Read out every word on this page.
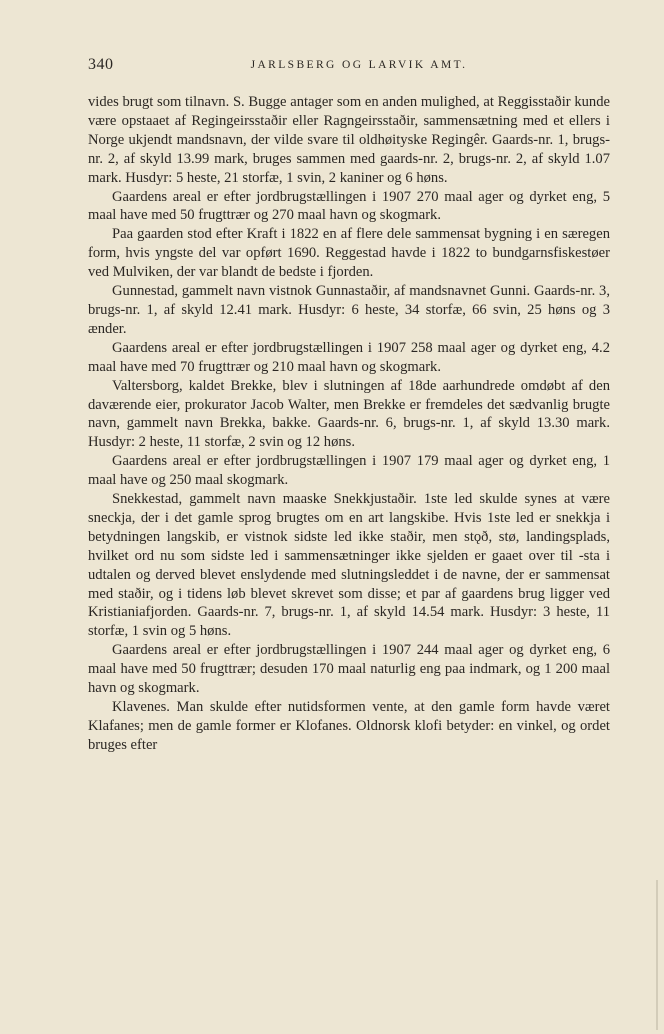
340	JARLSBERG OG LARVIK AMT.

vides brugt som tilnavn. S. Bugge antager som en anden mulighed, at Reggisstaðir kunde være opstaaet af Regingeirsstaðir eller Ragngeirsstaðir, sammensætning med et ellers i Norge ukjendt mandsnavn, der vilde svare til oldhøityske Regingêr. Gaards-nr. 1, brugs-nr. 2, af skyld 13.99 mark, bruges sammen med gaards-nr. 2, brugs-nr. 2, af skyld 1.07 mark. Husdyr: 5 heste, 21 storfæ, 1 svin, 2 kaniner og 6 høns.

Gaardens areal er efter jordbrugstællingen i 1907 270 maal ager og dyrket eng, 5 maal have med 50 frugttrær og 270 maal havn og skogmark.

Paa gaarden stod efter Kraft i 1822 en af flere dele sammensat bygning i en særegen form, hvis yngste del var opført 1690. Reggestad havde i 1822 to bundgarnsfiskestøer ved Mulviken, der var blandt de bedste i fjorden.

Gunnestad, gammelt navn vistnok Gunnastaðir, af mandsnavnet Gunni. Gaards-nr. 3, brugs-nr. 1, af skyld 12.41 mark. Husdyr: 6 heste, 34 storfæ, 66 svin, 25 høns og 3 ænder.

Gaardens areal er efter jordbrugstællingen i 1907 258 maal ager og dyrket eng, 4.2 maal have med 70 frugttrær og 210 maal havn og skogmark.

Valtersborg, kaldet Brekke, blev i slutningen af 18de aarhundrede omdøbt af den daværende eier, prokurator Jacob Walter, men Brekke er fremdeles det sædvanlig brugte navn, gammelt navn Brekka, bakke. Gaards-nr. 6, brugs-nr. 1, af skyld 13.30 mark. Husdyr: 2 heste, 11 storfæ, 2 svin og 12 høns.

Gaardens areal er efter jordbrugstællingen i 1907 179 maal ager og dyrket eng, 1 maal have og 250 maal skogmark.

Snekkestad, gammelt navn maaske Snekkjustaðir. 1ste led skulde synes at være sneckja, der i det gamle sprog brugtes om en art langskibe. Hvis 1ste led er snekkja i betydningen langskib, er vistnok sidste led ikke staðir, men stǫð, stø, landingsplads, hvilket ord nu som sidste led i sammensætninger ikke sjelden er gaaet over til -sta i udtalen og derved blevet enslydende med slutningsleddet i de navne, der er sammensat med staðir, og i tidens løb blevet skrevet som disse; et par af gaardens brug ligger ved Kristianiafjorden. Gaards-nr. 7, brugs-nr. 1, af skyld 14.54 mark. Husdyr: 3 heste, 11 storfæ, 1 svin og 5 høns.

Gaardens areal er efter jordbrugstællingen i 1907 244 maal ager og dyrket eng, 6 maal have med 50 frugttrær; desuden 170 maal naturlig eng paa indmark, og 1 200 maal havn og skogmark.

Klavenes. Man skulde efter nutidsformen vente, at den gamle form havde været Klafanes; men de gamle former er Klofanes. Oldnorsk klofi betyder: en vinkel, og ordet bruges efter
